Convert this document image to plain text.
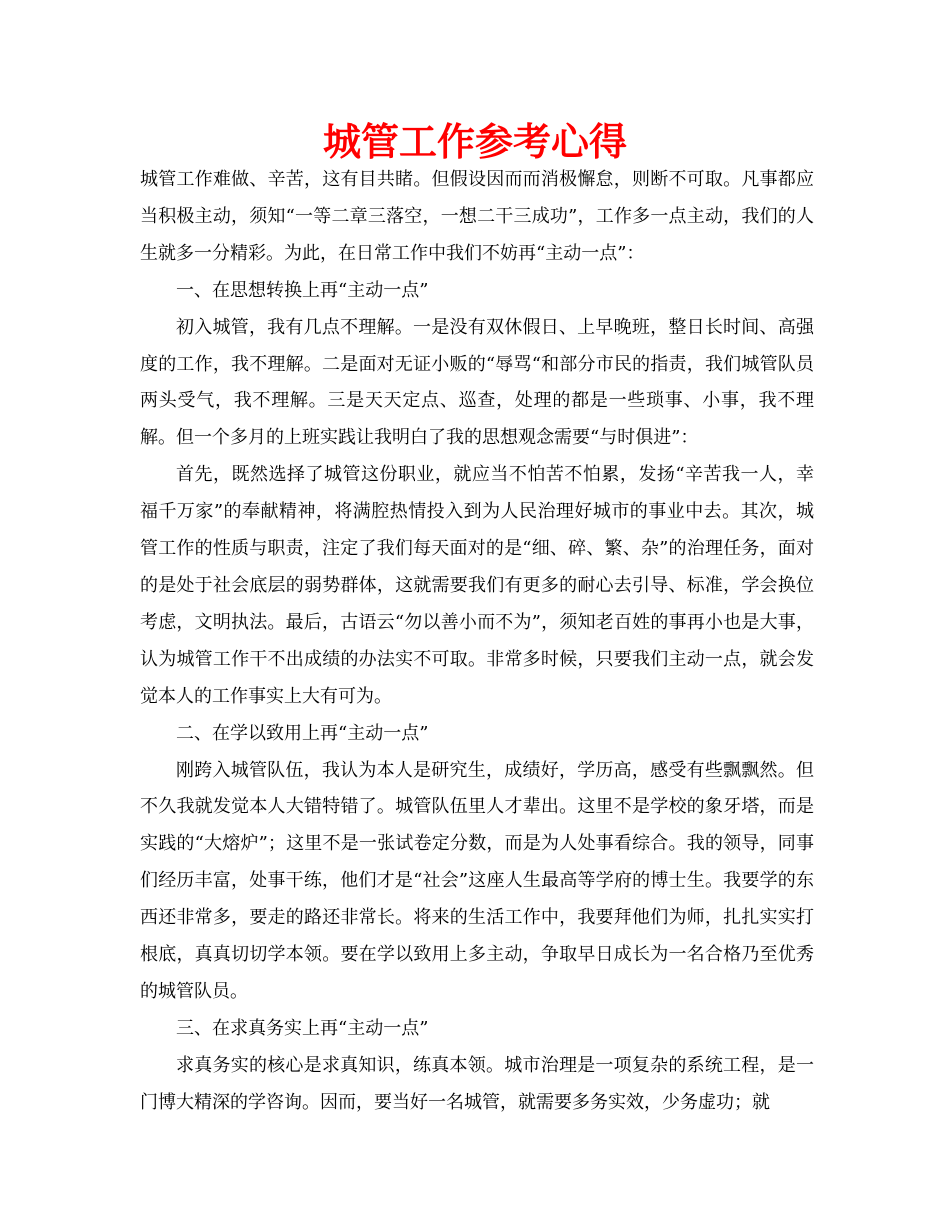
城管工作参考心得

城管工作难做、辛苦，这有目共睹。但假设因而而消极懈怠，则断不可取。凡事都应当积极主动，须知“一等二章三落空，一想二干三成功”，工作多一点主动，我们的人生就多一分精彩。为此，在日常工作中我们不妨再“主动一点”：

一、在思想转换上再“主动一点”

初入城管，我有几点不理解。一是没有双休假日、上早晚班，整日长时间、高强度的工作，我不理解。二是面对无证小贩的“辱骂“和部分市民的指责，我们城管队员两头受气，我不理解。三是天天定点、巡查，处理的都是一些琐事、小事，我不理解。但一个多月的上班实践让我明白了我的思想观念需要“与时俱进”：

首先，既然选择了城管这份职业，就应当不怕苦不怕累，发扬“辛苦我一人，幸福千万家”的奉献精神，将满腔热情投入到为人民治理好城市的事业中去。其次，城管工作的性质与职责，注定了我们每天面对的是“细、碎、繁、杂”的治理任务，面对的是处于社会底层的弱势群体，这就需要我们有更多的耐心去引导、标准，学会换位考虑，文明执法。最后，古语云“勿以善小而不为”，须知老百姓的事再小也是大事，认为城管工作干不出成绩的办法实不可取。非常多时候，只要我们主动一点，就会发觉本人的工作事实上大有可为。

二、在学以致用上再“主动一点”

刚跨入城管队伍，我认为本人是研究生，成绩好，学历高，感受有些飘飘然。但不久我就发觉本人大错特错了。城管队伍里人才辈出。这里不是学校的象牙塔，而是实践的“大熔炉”；这里不是一张试卷定分数，而是为人处事看综合。我的领导，同事们经历丰富，处事干练，他们才是“社会”这座人生最高等学府的博士生。我要学的东西还非常多，要走的路还非常长。将来的生活工作中，我要拜他们为师，扎扎实实打根底，真真切切学本领。要在学以致用上多主动，争取早日成长为一名合格乃至优秀的城管队员。

三、在求真务实上再“主动一点”

求真务实的核心是求真知识，练真本领。城市治理是一项复杂的系统工程，是一门博大精深的学咨询。因而，要当好一名城管，就需要多务实效，少务虚功；就
